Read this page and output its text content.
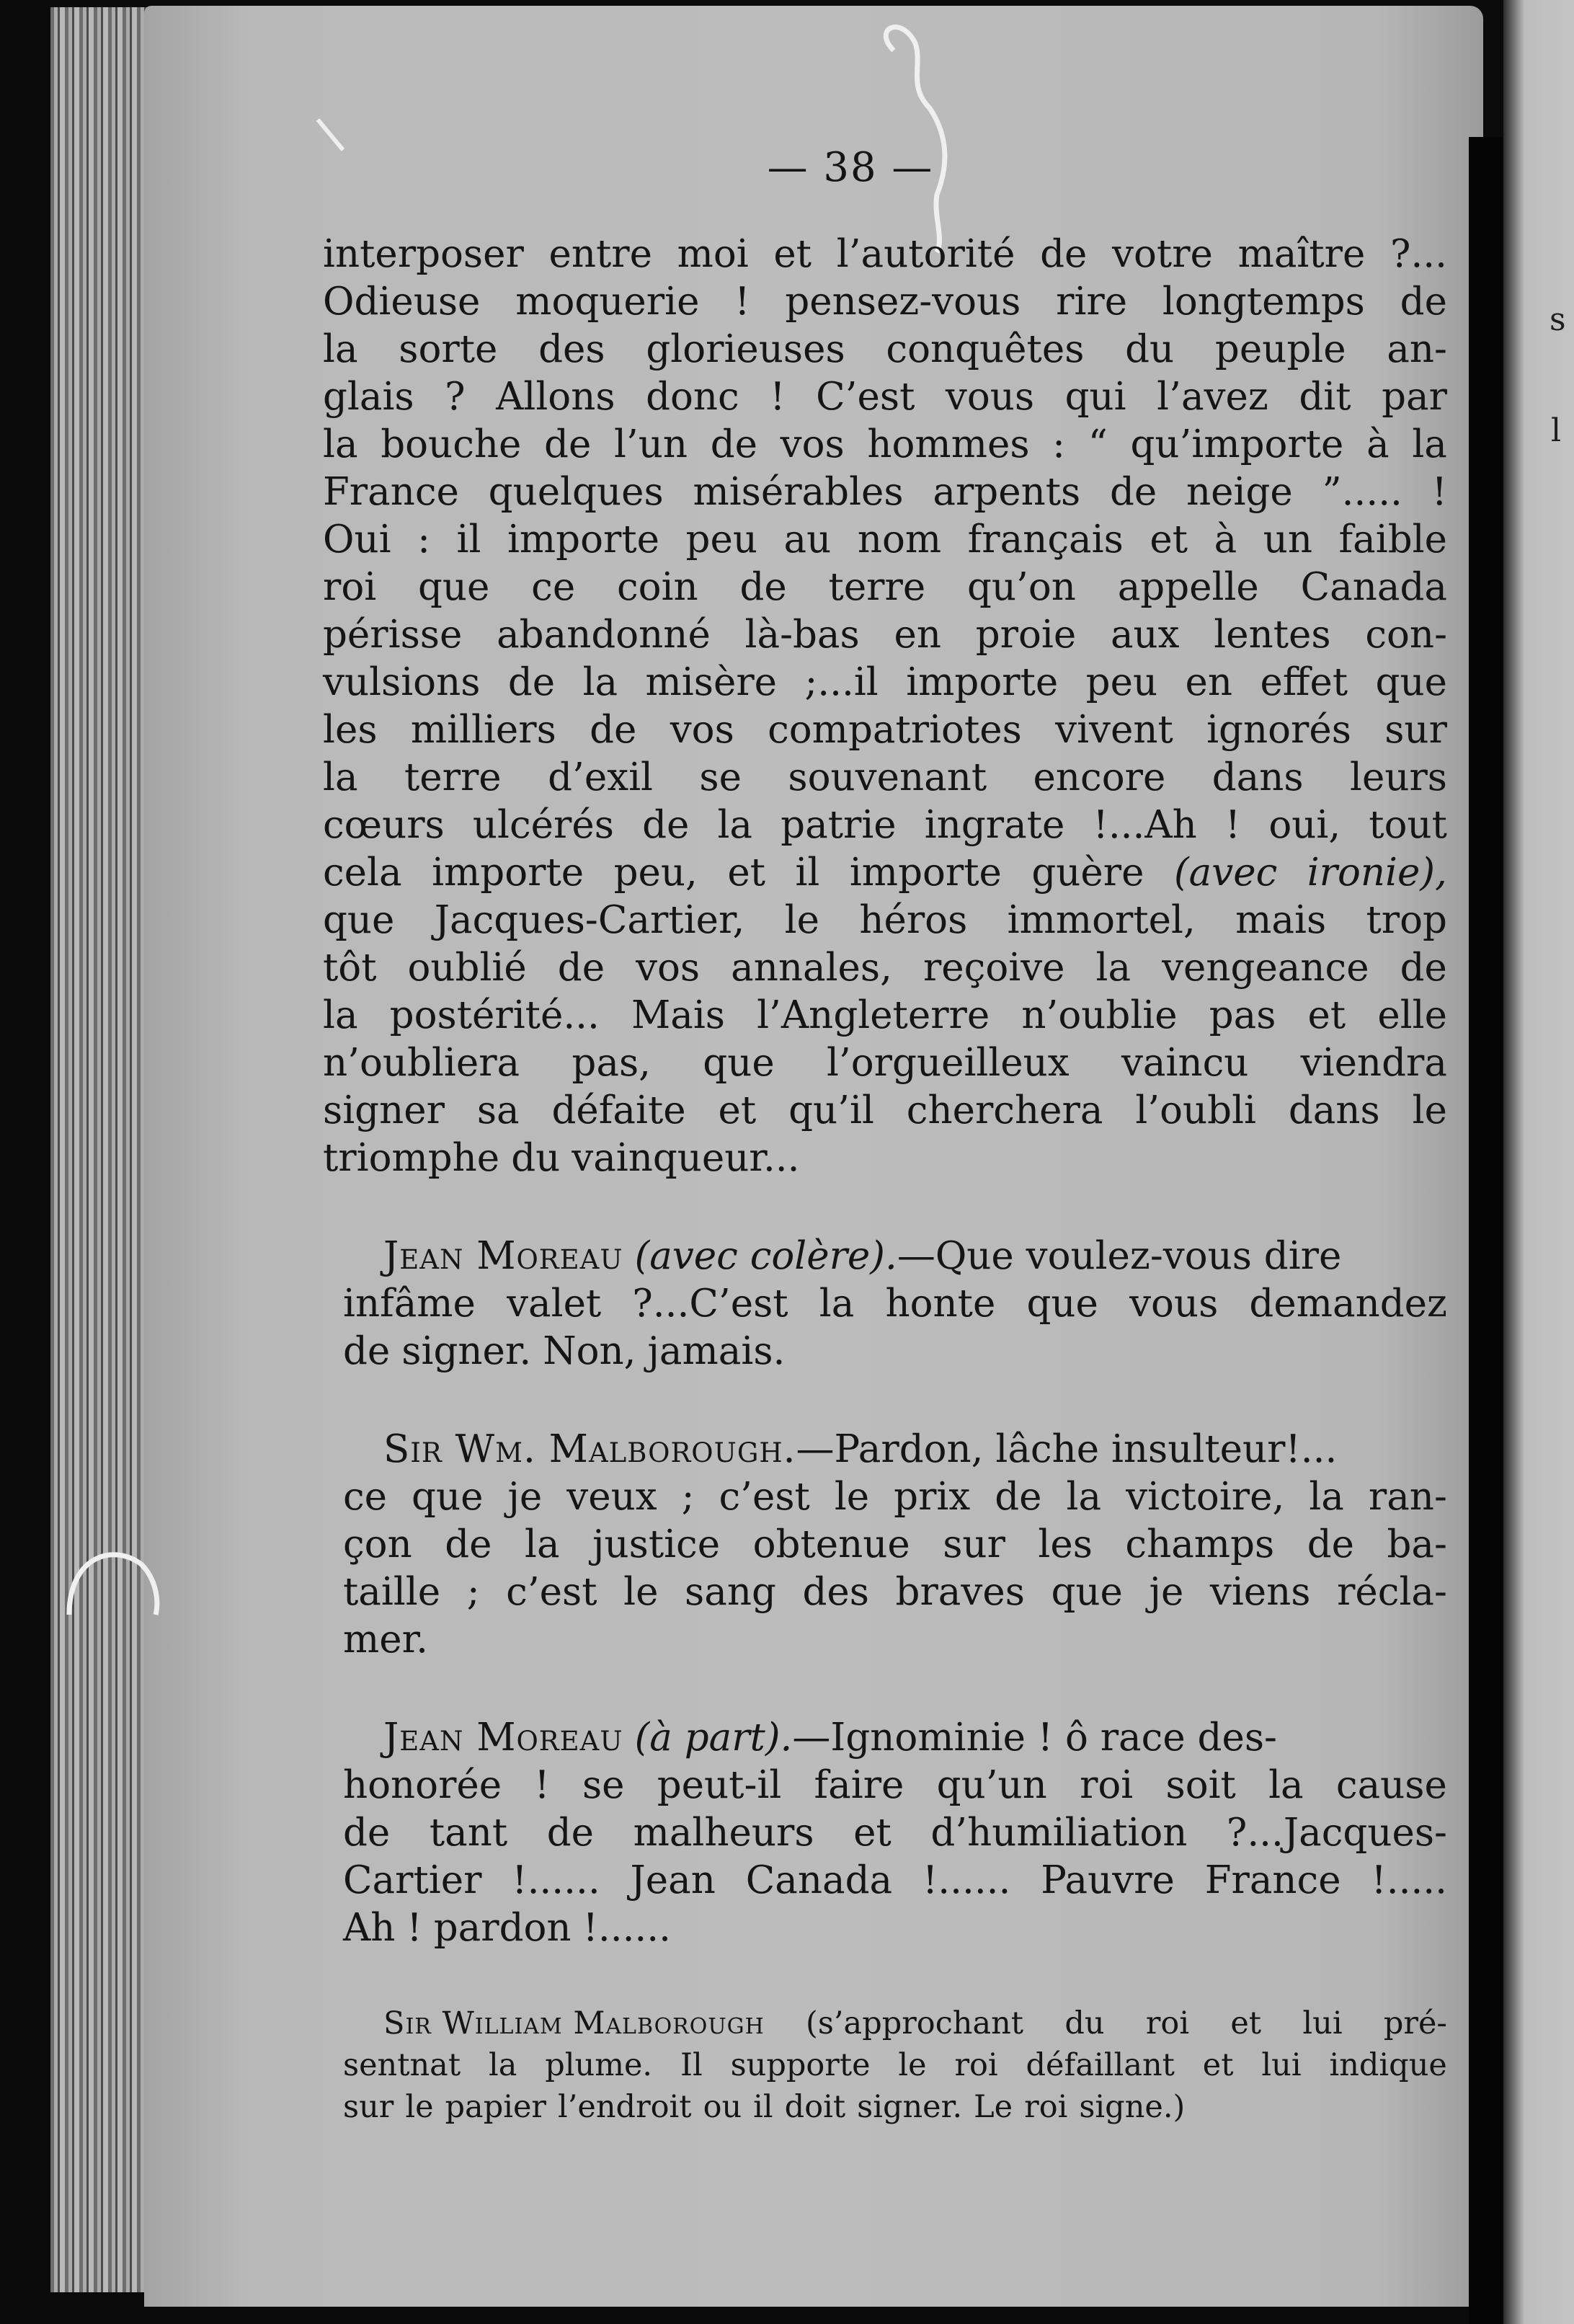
s
l
— 38 —
interposer entre moi et l’autorité de votre maître ?...
Odieuse moquerie ! pensez-vous rire longtemps de
la sorte des glorieuses conquêtes du peuple an-
glais ? Allons donc ! C’est vous qui l’avez dit par
la bouche de l’un de vos hommes : “ qu’importe à la
France quelques misérables arpents de neige ”..... !
Oui : il importe peu au nom français et à un faible
roi que ce coin de terre qu’on appelle Canada
périsse abandonné là-bas en proie aux lentes con-
vulsions de la misère ;...il importe peu en effet que
les milliers de vos compatriotes vivent ignorés sur
la terre d’exil se souvenant encore dans leurs
cœurs ulcérés de la patrie ingrate !...Ah ! oui, tout
cela importe peu, et il importe guère (avec ironie),
que Jacques-Cartier, le héros immortel, mais trop
tôt oublié de vos annales, reçoive la vengeance de
la postérité... Mais l’Angleterre n’oublie pas et elle
n’oubliera pas, que l’orgueilleux vaincu viendra
signer sa défaite et qu’il cherchera l’oubli dans le
triomphe du vainqueur...
Jean Moreau (avec colère). —Que voulez-vous dire
infâme valet ?...C’est la honte que vous demandez
de signer. Non, jamais.
Sir Wm. Malborough. —Pardon, lâche insulteur!...
ce que je veux ; c’est le prix de la victoire, la ran-
çon de la justice obtenue sur les champs de ba-
taille ; c’est le sang des braves que je viens récla-
mer.
Jean Moreau (à part). —Ignominie ! ô race des-
honorée ! se peut-il faire qu’un roi soit la cause
de tant de malheurs et d’humiliation ?...Jacques-
Cartier !...... Jean Canada !...... Pauvre France !.....
Ah ! pardon !......
Sir William Malborough (s’approchant du roi et lui pré-
sentnat la plume. Il supporte le roi défaillant et lui indique
sur le papier l’endroit ou il doit signer. Le roi signe.)
